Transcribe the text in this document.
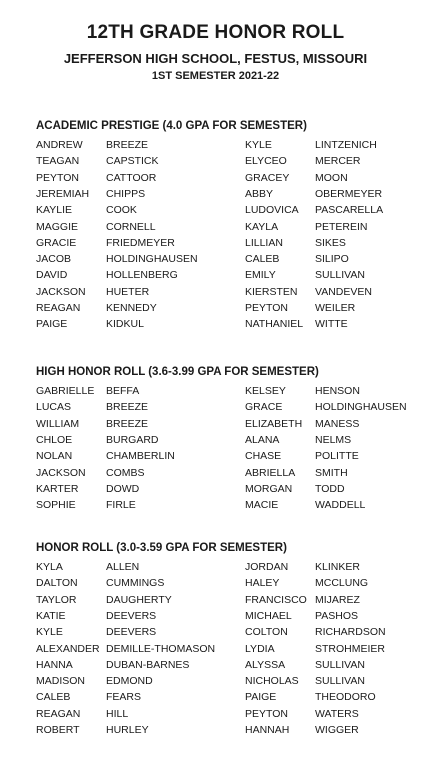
12TH GRADE HONOR ROLL
JEFFERSON HIGH SCHOOL, FESTUS, MISSOURI
1ST SEMESTER 2021-22
ACADEMIC PRESTIGE (4.0 GPA FOR SEMESTER)
ANDREW BREEZE	KYLE	LINTZENICH
TEAGAN	CAPSTICK	ELYCEO	MERCER
PEYTON	CATTOOR	GRACEY MOON
JEREMIAH CHIPPS	ABBY	OBERMEYER
KAYLIE	COOK	LUDOVICA PASCARELLA
MAGGIE	CORNELL	KAYLA	PETEREIN
GRACIE	FRIEDMEYER	LILLIAN	SIKES
JACOB	HOLDINGHAUSEN	CALEB	SILIPO
DAVID	HOLLENBERG	EMILY	SULLIVAN
JACKSON HUETER	KIERSTEN VANDEVEN
REAGAN KENNEDY	PEYTON	WEILER
PAIGE	KIDKUL	NATHANIEL WITTE
HIGH HONOR ROLL (3.6-3.99 GPA FOR SEMESTER)
GABRIELLE BEFFA	KELSEY	HENSON
LUCAS	BREEZE	GRACE	HOLDINGHAUSEN
WILLIAM	BREEZE	ELIZABETH MANESS
CHLOE	BURGARD	ALANA	NELMS
NOLAN	CHAMBERLIN	CHASE	POLITTE
JACKSON COMBS	ABRIELLA SMITH
KARTER	DOWD	MORGAN TODD
SOPHIE	FIRLE	MACIE	WADDELL
HONOR ROLL (3.0-3.59 GPA FOR SEMESTER)
KYLA	ALLEN	JORDAN	KLINKER
DALTON	CUMMINGS	HALEY	MCCLUNG
TAYLOR	DAUGHERTY	FRANCISCO MIJAREZ
KATIE	DEEVERS	MICHAEL PASHOS
KYLE	DEEVERS	COLTON	RICHARDSON
ALEXANDER DEMILLE-THOMASON	LYDIA	STROHMEIER
HANNA	DUBAN-BARNES	ALYSSA	SULLIVAN
MADISON EDMOND	NICHOLAS SULLIVAN
CALEB	FEARS	PAIGE	THEODORO
REAGAN HILL	PEYTON	WATERS
ROBERT	HURLEY	HANNAH WIGGER
